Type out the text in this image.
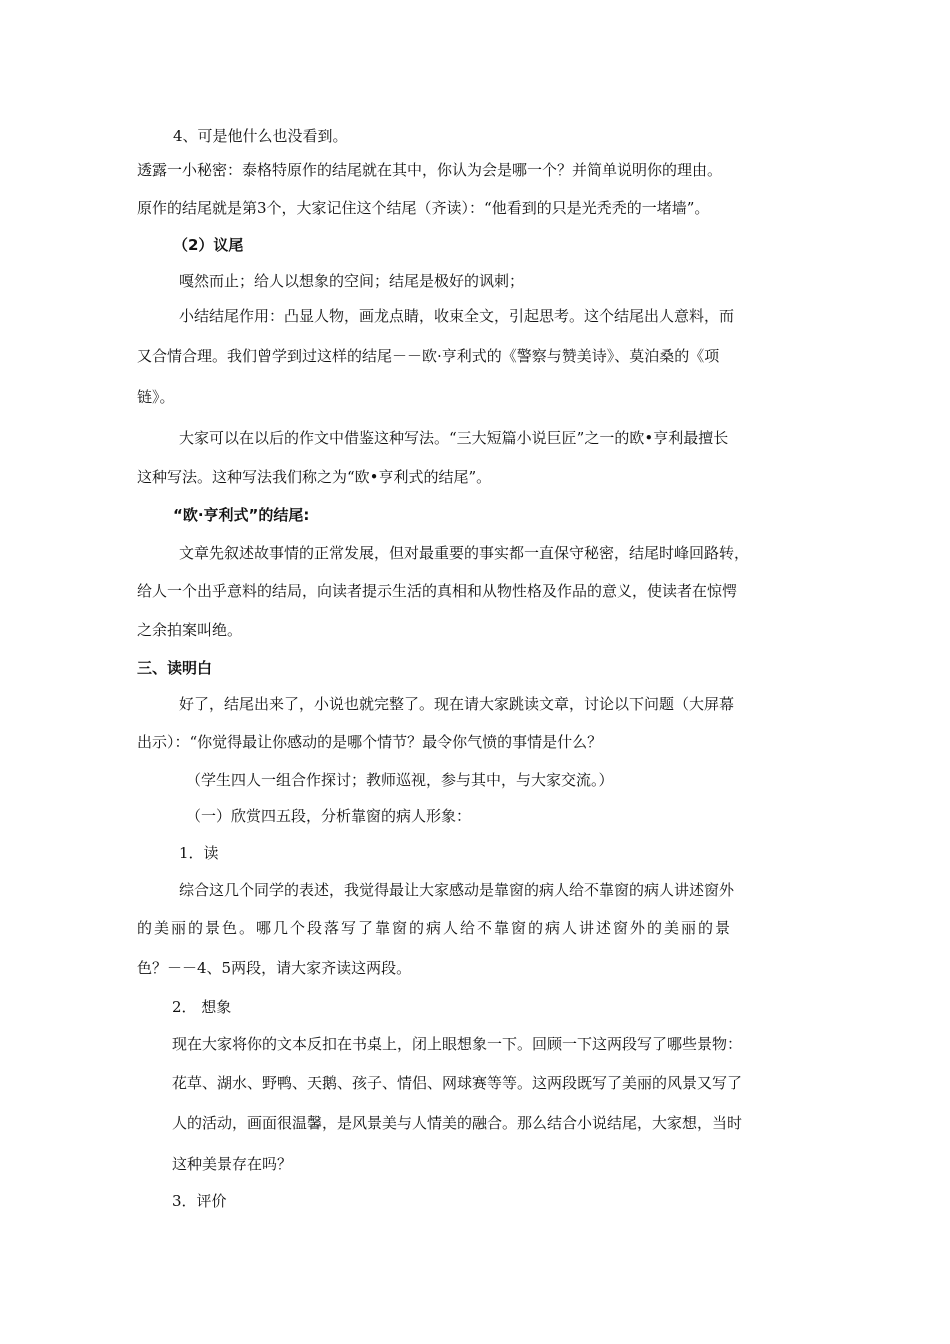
4、可是他什么也没看到。
透露一小秘密：泰格特原作的结尾就在其中，你认为会是哪一个？并简单说明你的理由。
原作的结尾就是第3个，大家记住这个结尾（齐读）：“他看到的只是光秃秃的一堵墙”。
（2）议尾
嘎然而止；给人以想象的空间；结尾是极好的讽刺；
小结结尾作用：凸显人物，画龙点睛，收束全文，引起思考。这个结尾出人意料，而
又合情合理。我们曾学到过这样的结尾－－欧·亨利式的《警察与赞美诗》、莫泊桑的《项
链》。
大家可以在以后的作文中借鉴这种写法。“三大短篇小说巨匠”之一的欧•亨利最擅长
这种写法。这种写法我们称之为“欧•亨利式的结尾”。
“欧·亨利式”的结尾:
文章先叙述故事情的正常发展，但对最重要的事实都一直保守秘密，结尾时峰回路转，
给人一个出乎意料的结局，向读者提示生活的真相和从物性格及作品的意义，使读者在惊愕
之余拍案叫绝。
三、读明白
好了，结尾出来了，小说也就完整了。现在请大家跳读文章，讨论以下问题（大屏幕
出示）：“你觉得最让你感动的是哪个情节？最令你气愤的事情是什么？
（学生四人一组合作探讨；教师巡视，参与其中，与大家交流。）
（一）欣赏四五段，分析靠窗的病人形象：
1．读
综合这几个同学的表述，我觉得最让大家感动是靠窗的病人给不靠窗的病人讲述窗外
的美丽的景色。哪几个段落写了靠窗的病人给不靠窗的病人讲述窗外的美丽的景
色？－－4、5两段，请大家齐读这两段。
2． 想象
现在大家将你的文本反扣在书桌上，闭上眼想象一下。回顾一下这两段写了哪些景物：
花草、湖水、野鸭、天鹅、孩子、情侣、网球赛等等。这两段既写了美丽的风景又写了
人的活动，画面很温馨，是风景美与人情美的融合。那么结合小说结尾，大家想，当时
这种美景存在吗？
3．评价
